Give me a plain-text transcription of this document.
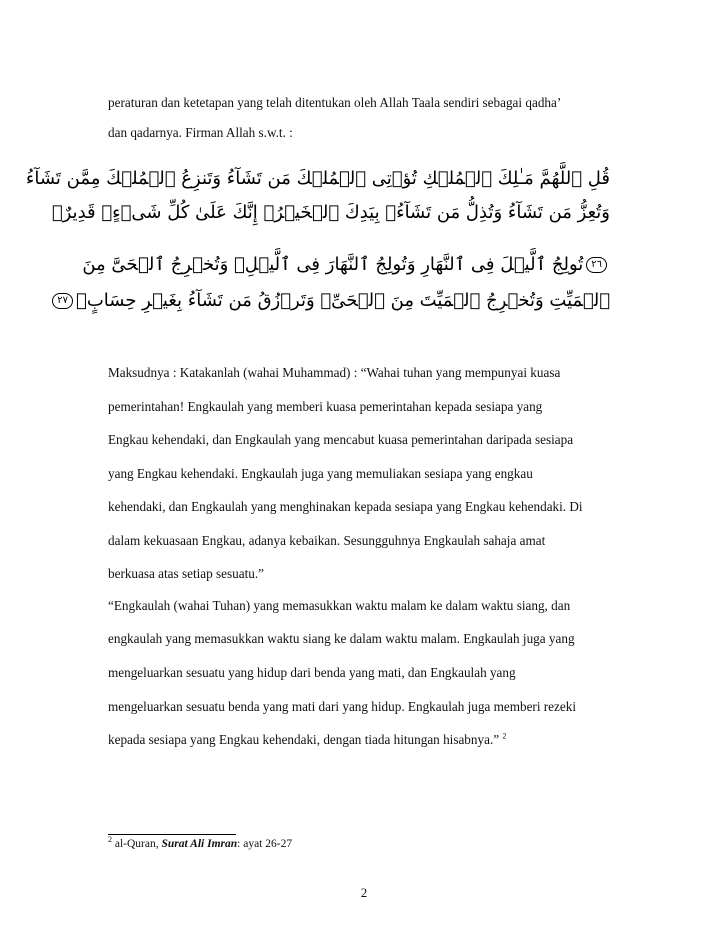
peraturan dan ketetapan yang telah ditentukan oleh Allah Taala sendiri sebagai qadha’
dan qadarnya. Firman Allah s.w.t. :
قُلِ ٱللَّهُمَّ مَـٰلِكَ ٱلۡمُلۡكِ تُؤۡتِى ٱلۡمُلۡكَ مَن تَشَآءُ وَتَنزِعُ ٱلۡمُلۡكَ مِمَّن تَشَآءُ
وَتُعِزُّ مَن تَشَآءُ وَتُذِلُّ مَن تَشَآءُ‌ۖ بِيَدِكَ ٱلۡخَيۡرُ‌ۖ إِنَّكَ عَلَىٰ كُلِّ شَىۡءٍ۬ قَدِيرٌ۬
٢٦تُولِجُ ٱلَّيۡلَ فِى ٱلنَّهَارِ وَتُولِجُ ٱلنَّهَارَ فِى ٱلَّيۡلِ‌ۖ وَتُخۡرِجُ ٱلۡحَىَّ مِنَ
ٱلۡمَيِّتِ وَتُخۡرِجُ ٱلۡمَيِّتَ مِنَ ٱلۡحَىِّ‌ۖ وَتَرۡزُقُ مَن تَشَآءُ بِغَيۡرِ حِسَابٍ۬٢٧
Maksudnya : Katakanlah (wahai Muhammad) : “Wahai tuhan yang mempunyai kuasa
pemerintahan! Engkaulah yang memberi kuasa pemerintahan kepada sesiapa yang
Engkau kehendaki, dan Engkaulah yang mencabut kuasa pemerintahan daripada sesiapa
yang Engkau kehendaki. Engkaulah juga yang memuliakan sesiapa yang engkau
kehendaki, dan Engkaulah yang menghinakan kepada sesiapa yang Engkau kehendaki. Di
dalam kekuasaan Engkau, adanya kebaikan. Sesungguhnya Engkaulah sahaja amat
berkuasa atas setiap sesuatu.”
“Engkaulah (wahai Tuhan) yang memasukkan waktu malam ke dalam waktu siang, dan
engkaulah yang memasukkan waktu siang ke dalam waktu malam. Engkaulah juga yang
mengeluarkan sesuatu yang hidup dari benda yang mati, dan Engkaulah yang
mengeluarkan sesuatu benda yang mati dari yang hidup. Engkaulah juga memberi rezeki
kepada sesiapa yang Engkau kehendaki, dengan tiada hitungan hisabnya.” $^2$
$^2$ al-Quran, Surat Ali Imran: ayat 26-27
2
